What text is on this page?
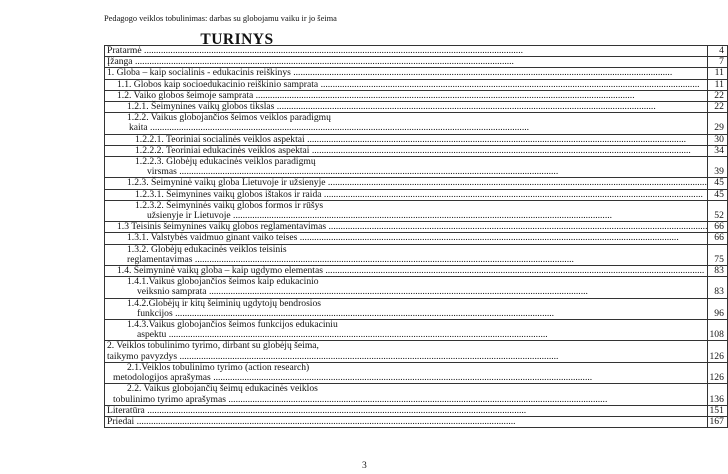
Pedagogo veiklos tobulinimas: darbas su globojamu vaiku ir jo šeima
TURINYS
Pratarmė .....	4

Įžanga .....	7

1. Globa – kaip socialinis - edukacinis reiškinys .....	11

1.1. Globos kaip socioedukacinio reiškinio samprata .....	11

1.2. Vaiko globos šeimoje samprata .....	22

1.2.1. Šeimynines vaikų globos tikslas .....	22

1.2.2. Vaikus globojančios šeimos veiklos paradigmų
kaita .....	29

1.2.2.1. Teoriniai socialinės veiklos aspektai .....	30

1.2.2.2. Teoriniai edukacinės veiklos aspektai .....	34

1.2.2.3. Globėjų edukacinės veiklos paradigmų
virsmas .....	39

1.2.3. Šeimyninė vaikų globa Lietuvoje ir užsienyje .....	45

1.2.3.1. Šeimynines vaikų globos ištakos ir raida .....	45

1.2.3.2. Šeimyninės vaikų globos formos ir rūšys
užsienyje ir Lietuvoje .....	52

1.3 Teisinis šeimynines vaikų globos reglamentavimas .....	66

1.3.1. Valstybės vaidmuo ginant vaiko teises .....	66

1.3.2. Globėjų edukacinės veiklos teisinis
reglamentavimas .....	75

1.4. Šeimyninė vaikų globa – kaip ugdymo elementas .....	83

1.4.1.Vaikus globojančios šeimos kaip edukacinio
veiksnio samprata .....	83

1.4.2.Globėjų ir kitų šeiminių ugdytojų bendrosios
funkcijos .....	96

1.4.3.Vaikus globojančios šeimos funkcijos edukaciniu
aspektu .....	108

2. Veiklos tobulinimo tyrimo, dirbant su globėjų šeima,
taikymo pavyzdys .....	126

2.1.Veiklos tobulinimo tyrimo (action research)
metodologijos aprašymas .....	126

2.2. Vaikus globojančių šeimų edukacinės veiklos
tobulinimo tyrimo aprašymas .....	136

Literatūra .....	151

Priedai .....	167
3
